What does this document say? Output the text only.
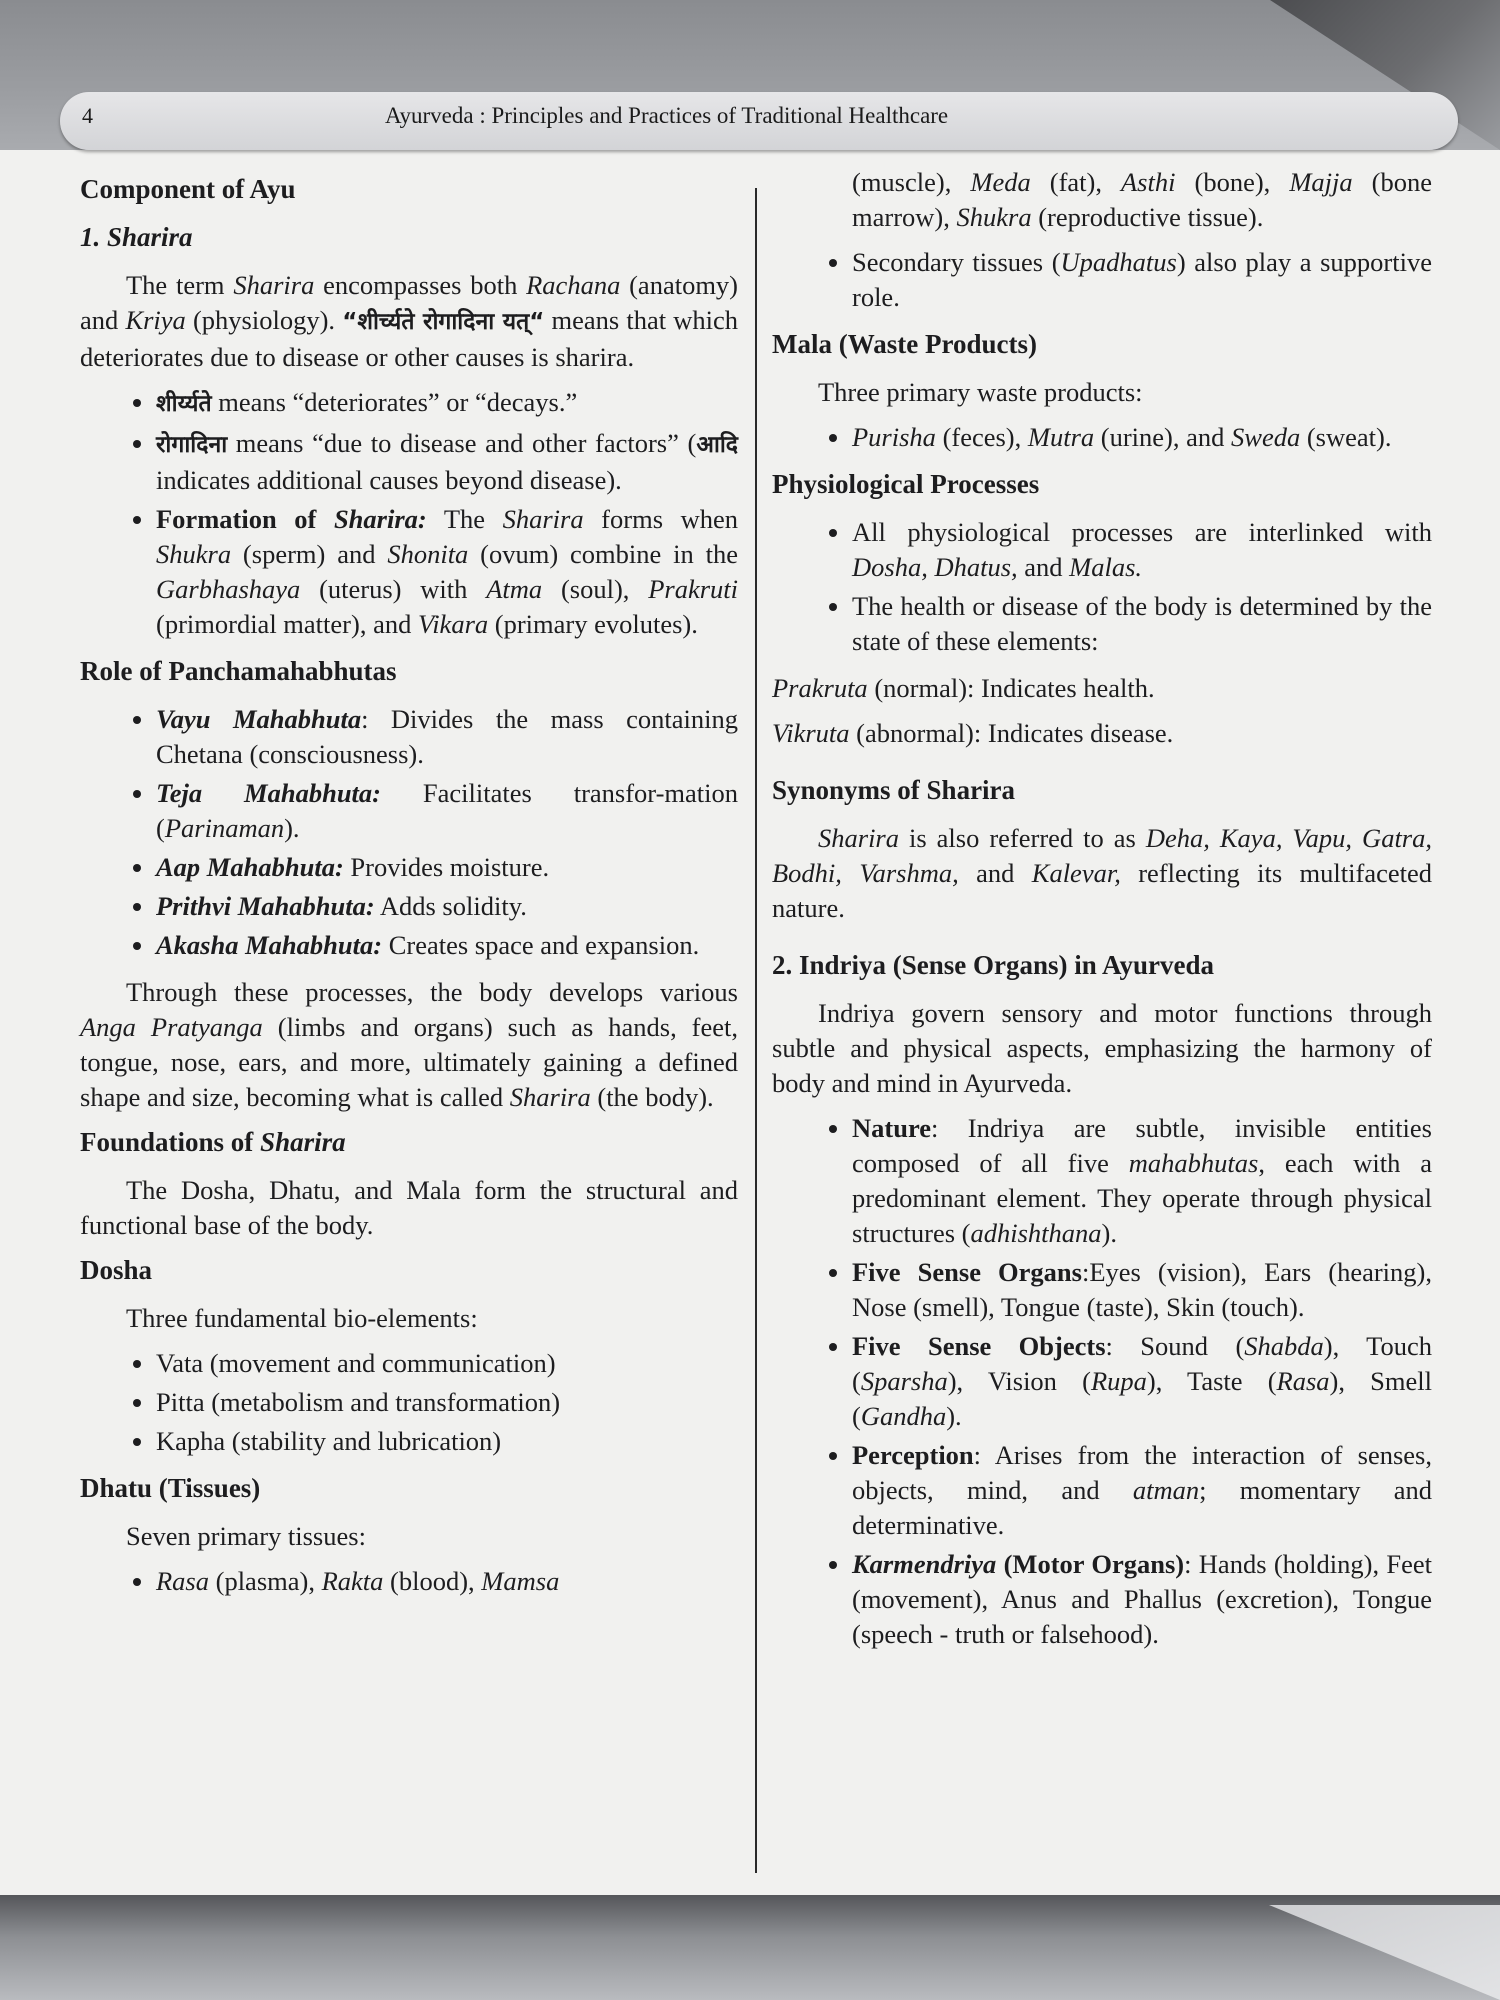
4	Ayurveda : Principles and Practices of Traditional Healthcare
Component of Ayu
1. Sharira

The term Sharira encompasses both Rachana (anatomy) and Kriya (physiology). “शीर्च्यते रोगादिना यत्“ means that which deteriorates due to disease or other causes is sharira.

• शीर्य्यते means “deteriorates” or “decays.”
• रोगादिना means “due to disease and other factors” (आदि indicates additional causes beyond disease).
• Formation of Sharira: The Sharira forms when Shukra (sperm) and Shonita (ovum) combine in the Garbhashaya (uterus) with Atma (soul), Prakruti (primordial matter), and Vikara (primary evolutes).
Role of Panchamahabhutas
• Vayu Mahabhuta: Divides the mass containing Chetana (consciousness).
• Teja Mahabhuta: Facilitates transfor-mation (Parinaman).
• Aap Mahabhuta: Provides moisture.
• Prithvi Mahabhuta: Adds solidity.
• Akasha Mahabhuta: Creates space and expansion.

Through these processes, the body develops various Anga Pratyanga (limbs and organs) such as hands, feet, tongue, nose, ears, and more, ultimately gaining a defined shape and size, becoming what is called Sharira (the body).

Foundations of Sharira

The Dosha, Dhatu, and Mala form the structural and functional base of the body.

Dosha

Three fundamental bio-elements:

• Vata (movement and communication)
• Pitta (metabolism and transformation)
• Kapha (stability and lubrication)
Dhatu (Tissues)

Seven primary tissues:

• Rasa (plasma), Rakta (blood), Mamsa

(muscle), Meda (fat), Asthi (bone), Majja (bone marrow), Shukra (reproductive tissue).

• Secondary tissues (Upadhatus) also play a supportive role.
Mala (Waste Products)

Three primary waste products:

• Purisha (feces), Mutra (urine), and Sweda (sweat).
Physiological Processes
• All physiological processes are interlinked with Dosha, Dhatus, and Malas.
• The health or disease of the body is determined by the state of these elements:

Prakruta (normal): Indicates health.

Vikruta (abnormal): Indicates disease.

Synonyms of Sharira

Sharira is also referred to as Deha, Kaya, Vapu, Gatra, Bodhi, Varshma, and Kalevar, reflecting its multifaceted nature.

2. Indriya (Sense Organs) in Ayurveda

Indriya govern sensory and motor functions through subtle and physical aspects, emphasizing the harmony of body and mind in Ayurveda.

• Nature: Indriya are subtle, invisible entities composed of all five mahabhutas, each with a predominant element. They operate through physical structures (adhishthana).
• Five Sense Organs:Eyes (vision), Ears (hearing), Nose (smell), Tongue (taste), Skin (touch).
• Five Sense Objects: Sound (Shabda), Touch (Sparsha), Vision (Rupa), Taste (Rasa), Smell (Gandha).
• Perception: Arises from the interaction of senses, objects, mind, and atman; momentary and determinative.
• Karmendriya (Motor Organs): Hands (holding), Feet (movement), Anus and Phallus (excretion), Tongue (speech - truth or falsehood).
